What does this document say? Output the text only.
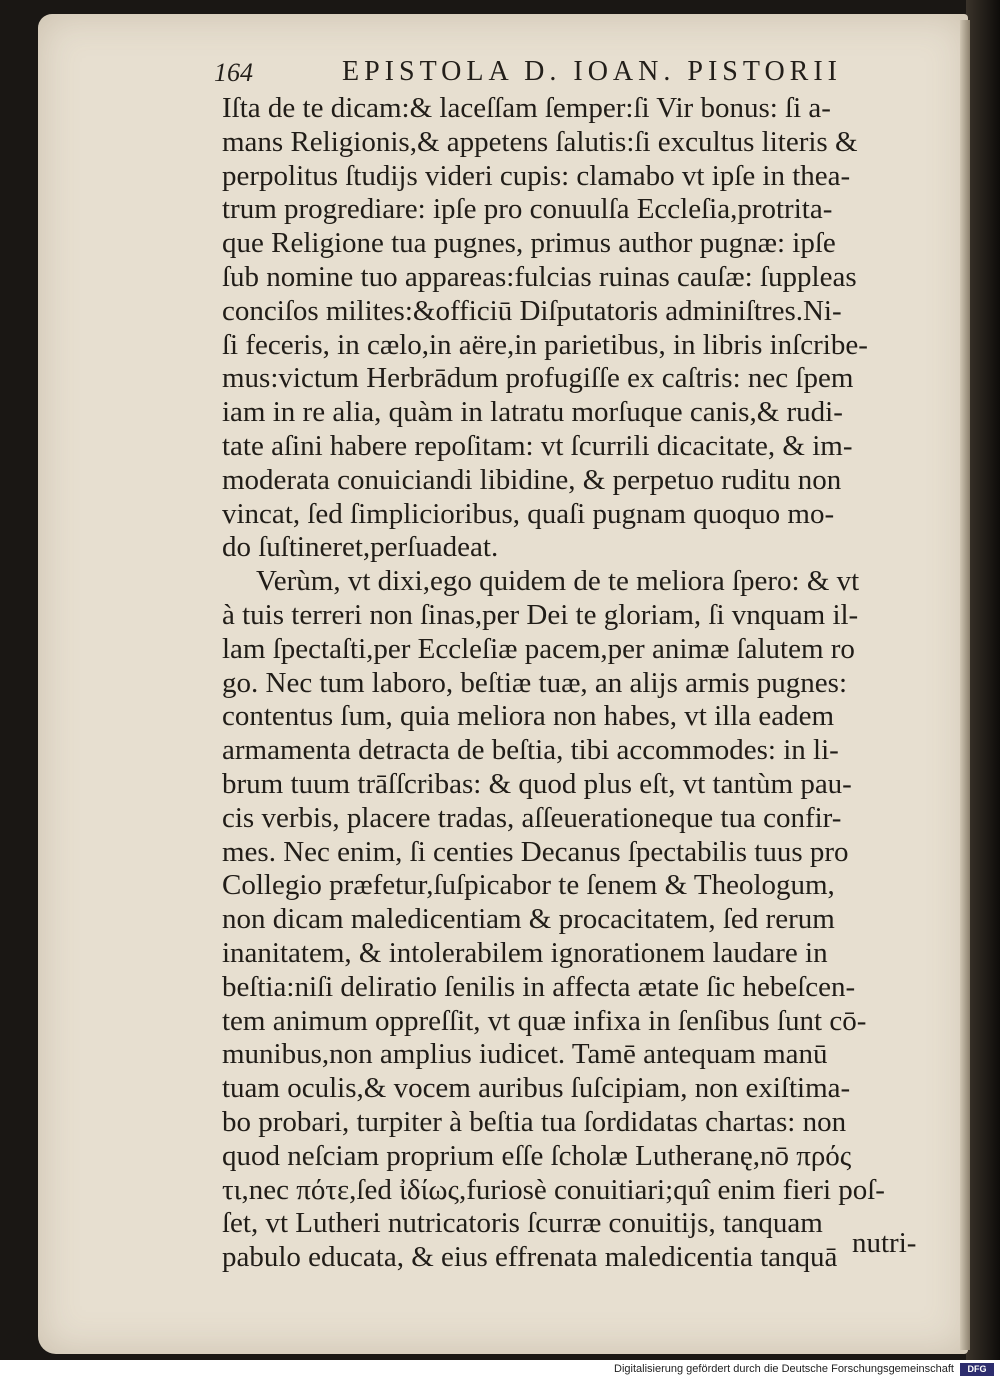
164	EPISTOLA D. IOAN. PISTORII
Iſta de te dicam:& laceſſam ſemper:ſi Vir bonus: ſi a-
mans Religionis,& appetens ſalutis:ſi excultus literis &
perpolitus ſtudijs videri cupis: clamabo vt ipſe in thea-
trum progrediare: ipſe pro conuulſa Eccleſia,protrita-
que Religione tua pugnes, primus author pugnæ: ipſe
ſub nomine tuo appareas:fulcias ruinas cauſæ: ſuppleas
conciſos milites:&officiū Diſputatoris adminiſtres.Ni-
ſi feceris, in cælo,in aëre,in parietibus, in libris inſcribe-
mus:victum Herbrādum profugiſſe ex caſtris: nec ſpem
iam in re alia, quàm in latratu morſuque canis,& rudi-
tate aſini habere repoſitam: vt ſcurrili dicacitate, & im-
moderata conuiciandi libidine, & perpetuo ruditu non
vincat, ſed ſimplicioribus, quaſi pugnam quoquo mo-
do ſuſtineret,perſuadeat.
Verùm, vt dixi,ego quidem de te meliora ſpero: & vt
à tuis terreri non ſinas,per Dei te gloriam, ſi vnquam il-
lam ſpectaſti,per Eccleſiæ pacem,per animæ ſalutem ro
go. Nec tum laboro, beſtiæ tuæ, an alijs armis pugnes:
contentus ſum, quia meliora non habes, vt illa eadem
armamenta detracta de beſtia, tibi accommodes: in li-
brum tuum trāſſcribas: & quod plus eſt, vt tantùm pau-
cis verbis, placere tradas, aſſeuerationeque tua confir-
mes. Nec enim, ſi centies Decanus ſpectabilis tuus pro
Collegio præfetur,ſuſpicabor te ſenem & Theologum,
non dicam maledicentiam & procacitatem, ſed rerum
inanitatem, & intolerabilem ignorationem laudare in
beſtia:niſi deliratio ſenilis in affecta ætate ſic hebeſcen-
tem animum oppreſſit, vt quæ infixa in ſenſibus ſunt cō-
munibus,non amplius iudicet. Tamē antequam manū
tuam oculis,& vocem auribus ſuſcipiam, non exiſtima-
bo probari, turpiter à beſtia tua ſordidatas chartas: non
quod neſciam proprium eſſe ſcholæ Lutheranę,nō πρός
τι,nec πότε,ſed ἰδίως,furiosè conuitiari;quî enim fieri poſ-
ſet, vt Lutheri nutricatoris ſcurræ conuitijs, tanquam
pabulo educata, & eius effrenata maledicentia tanquā nutri-
Digitalisierung gefördert durch die Deutsche Forschungsgemeinschaft	DFG
